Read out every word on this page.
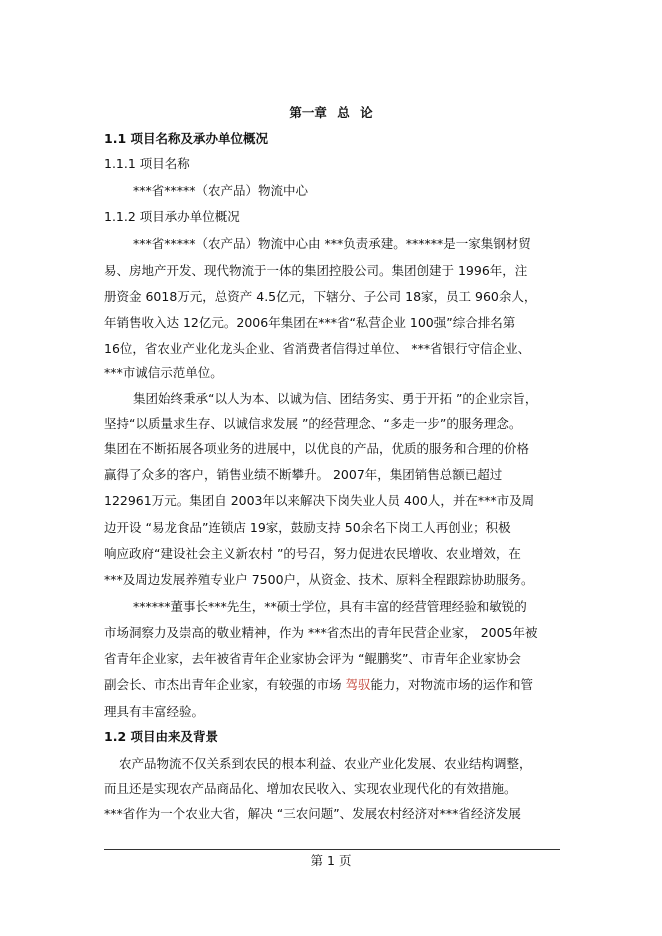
第一章 总 论
1.1 项目名称及承办单位概况
1.1.1 项目名称
***省*****（农产品）物流中心
1.1.2 项目承办单位概况
***省*****（农产品）物流中心由 ***负责承建。******是一家集钢材贸
易、房地产开发、现代物流于一体的集团控股公司。集团创建于 1996年，注
册资金 6018万元，总资产 4.5亿元，下辖分、子公司 18家，员工 960余人，
年销售收入达 12亿元。2006年集团在***省“私营企业 100强”综合排名第
16位，省农业产业化龙头企业、省消费者信得过单位、 ***省银行守信企业、
***市诚信示范单位。
集团始终秉承“以人为本、以诚为信、团结务实、勇于开拓 ”的企业宗旨，
坚持“以质量求生存、以诚信求发展 ”的经营理念、“多走一步”的服务理念。
集团在不断拓展各项业务的进展中，以优良的产品，优质的服务和合理的价格
赢得了众多的客户，销售业绩不断攀升。 2007年，集团销售总额已超过
122961万元。集团自 2003年以来解决下岗失业人员 400人，并在***市及周
边开设 “易龙食品”连锁店 19家，鼓励支持 50余名下岗工人再创业；积极
响应政府“建设社会主义新农村 ”的号召，努力促进农民增收、农业增效，在
***及周边发展养殖专业户 7500户，从资金、技术、原料全程跟踪协助服务。
******董事长***先生，**硕士学位，具有丰富的经营管理经验和敏锐的
市场洞察力及崇高的敬业精神，作为 ***省杰出的青年民营企业家， 2005年被
省青年企业家，去年被省青年企业家协会评为 “鲲鹏奖”、市青年企业家协会
副会长、市杰出青年企业家，有较强的市场 驾驭能力，对物流市场的运作和管
理具有丰富经验。
1.2 项目由来及背景
农产品物流不仅关系到农民的根本利益、农业产业化发展、农业结构调整，
而且还是实现农产品商品化、增加农民收入、实现农业现代化的有效措施。
***省作为一个农业大省，解决 “三农问题”、发展农村经济对***省经济发展
第 1 页
